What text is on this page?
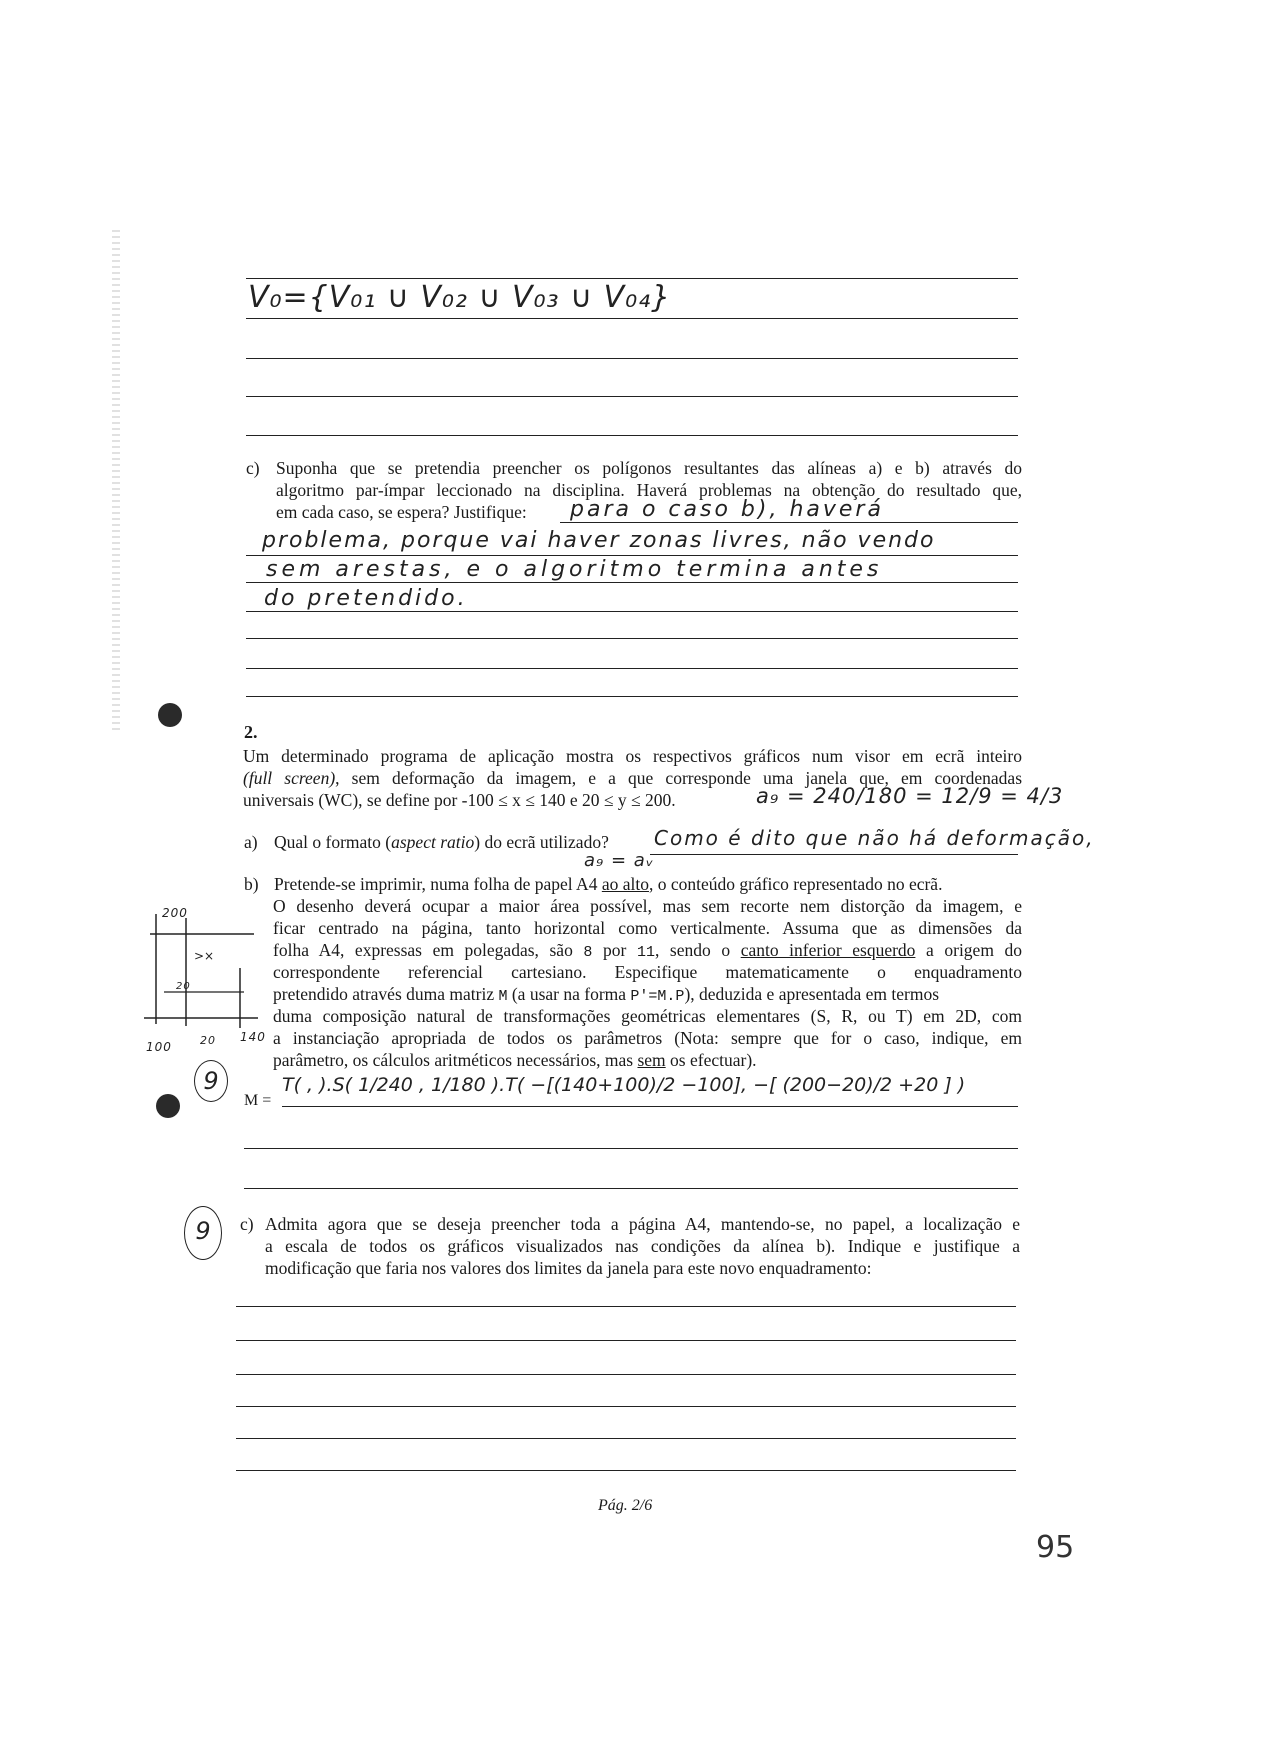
V₀={V₀₁ ∪ V₀₂ ∪ V₀₃ ∪ V₀₄}
c) Suponha que se pretendia preencher os polígonos resultantes das alíneas a) e b) através do
algoritmo par-ímpar leccionado na disciplina. Haverá problemas na obtenção do resultado que,
em cada caso, se espera? Justifique: para o caso b), haverá
problema, porque vai haver zonas livres, não vendo
sem arestas, e o algoritmo termina antes
do pretendido.
2.
Um determinado programa de aplicação mostra os respectivos gráficos num visor em ecrã inteiro
(full screen), sem deformação da imagem, e a que corresponde uma janela que, em coordenadas
universais (WC), se define por -100 ≤ x ≤ 140 e 20 ≤ y ≤ 200.	a₉ = 240/180 = 12/9 = 4/3
a) Qual o formato (aspect ratio) do ecrã utilizado? Como é dito que não há deformação,
a₉ = aᵥ
b) Pretende-se imprimir, numa folha de papel A4 ao alto, o conteúdo gráfico representado no ecrã.
O desenho deverá ocupar a maior área possível, mas sem recorte nem distorção da imagem, e
ficar centrado na página, tanto horizontal como verticalmente. Assuma que as dimensões da
folha A4, expressas em polegadas, são 8 por 11, sendo o canto inferior esquerdo a origem do
correspondente referencial cartesiano. Especifique matematicamente o enquadramento
pretendido através duma matriz M (a usar na forma P'=M.P), deduzida e apresentada em termos
duma composição natural de transformações geométricas elementares (S, R, ou T) em 2D, com
a instanciação apropriada de todos os parâmetros (Nota: sempre que for o caso, indique, em
parâmetro, os cálculos aritméticos necessários, mas sem os efectuar).
>×
200
20
100	20 140
9
M =
T( , ).S( 1/240 , 1/180 ).T( −[(140+100)/2 −100], −[ (200−20)/2 +20 ] )
9	c) Admita agora que se deseja preencher toda a página A4, mantendo-se, no papel, a localização e
a escala de todos os gráficos visualizados nas condições da alínea b). Indique e justifique a
modificação que faria nos valores dos limites da janela para este novo enquadramento:
Pág. 2/6
95
